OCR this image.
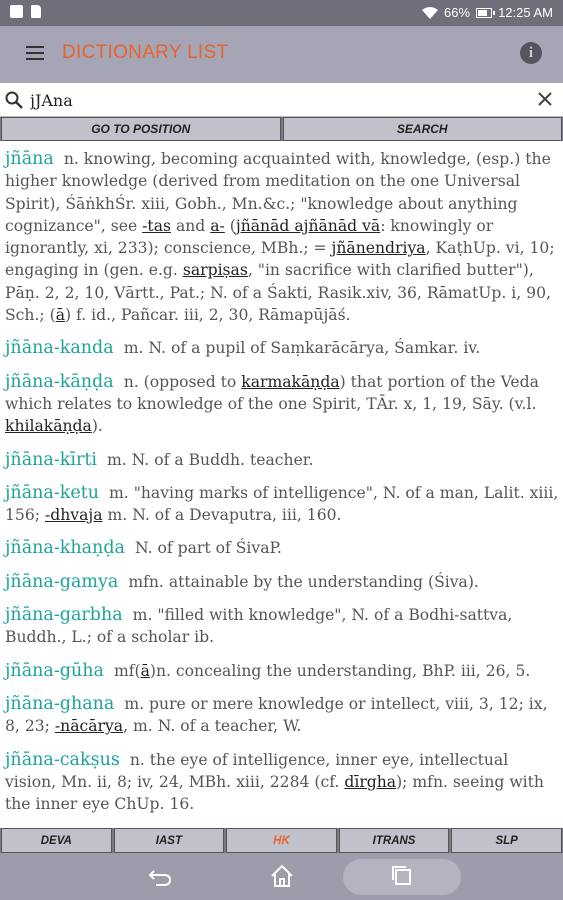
66% 12:25 AM
DICTIONARY LIST	i
jJAna
GO TO POSITION	SEARCH
jñāna n. knowing, becoming acquainted with, knowledge, (esp.) the higher knowledge (derived from meditation on the one Universal Spirit), ŚāṅkhŚr. xiii, Gobh., Mn.&c.; "knowledge about anything cognizance", see -tas and a- (jñānād ajñānād vā: knowingly or ignorantly, xi, 233); conscience, MBh.; = jñānendriya, KaṭhUp. vi, 10; engaging in (gen. e.g. sarpiṣas, "in sacrifice with clarified butter"), Pāṇ. 2, 2, 10, Vārtt., Pat.; N. of a Śakti, Rasik.xiv, 36, RāmatUp. i, 90, Sch.; (ā) f. id., Pañcar. iii, 2, 30, Rāmapūjāś.
jñāna-kanda m. N. of a pupil of Saṃkarācārya, Śamkar. iv.
jñāna-kāṇḍa n. (opposed to karmakāṇḍa) that portion of the Veda which relates to knowledge of the one Spirit, TĀr. x, 1, 19, Sāy. (v.l. khilakāṇḍa).
jñāna-kīrti m. N. of a Buddh. teacher.
jñāna-ketu m. "having marks of intelligence", N. of a man, Lalit. xiii, 156; -dhvaja m. N. of a Devaputra, iii, 160.
jñāna-khaṇḍa N. of part of ŚivaP.
jñāna-gamya mfn. attainable by the understanding (Śiva).
jñāna-garbha m. "filled with knowledge", N. of a Bodhi-sattva, Buddh., L.; of a scholar ib.
jñāna-gūha mf(ā)n. concealing the understanding, BhP. iii, 26, 5.
jñāna-ghana m. pure or mere knowledge or intellect, viii, 3, 12; ix, 8, 23; -nācārya, m. N. of a teacher, W.
jñāna-cakṣus n. the eye of intelligence, inner eye, intellectual vision, Mn. ii, 8; iv, 24, MBh. xiii, 2284 (cf. dīrgha); mfn. seeing with the inner eye ChUp. 16.
DEVA	IAST	HK	ITRANS	SLP
